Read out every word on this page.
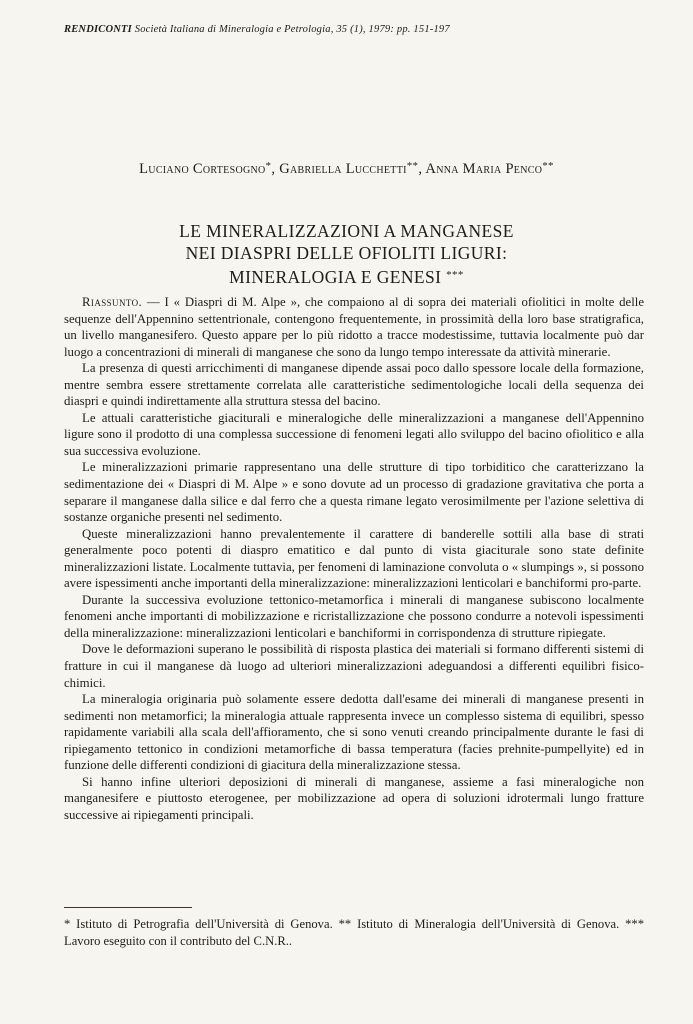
RENDICONTI Società Italiana di Mineralogia e Petrologia, 35 (1), 1979: pp. 151-197
Luciano Cortesogno*, Gabriella Lucchetti**, Anna Maria Penco**
LE MINERALIZZAZIONI A MANGANESE
NEI DIASPRI DELLE OFIOLITI LIGURI:
MINERALOGIA E GENESI ***

Riassunto. — I « Diaspri di M. Alpe », che compaiono al di sopra dei materiali ofiolitici in molte delle sequenze dell'Appennino settentrionale, contengono frequentemente, in prossimità della loro base stratigrafica, un livello manganesifero. Questo appare per lo più ridotto a tracce modestissime, tuttavia localmente può dar luogo a concentrazioni di minerali di manganese che sono da lungo tempo interessate da attività minerarie.

La presenza di questi arricchimenti di manganese dipende assai poco dallo spessore locale della formazione, mentre sembra essere strettamente correlata alle caratteristiche sedimentologiche locali della sequenza dei diaspri e quindi indirettamente alla struttura stessa del bacino.

Le attuali caratteristiche giaciturali e mineralogiche delle mineralizzazioni a manganese dell'Appennino ligure sono il prodotto di una complessa successione di fenomeni legati allo sviluppo del bacino ofiolitico e alla sua successiva evoluzione.

Le mineralizzazioni primarie rappresentano una delle strutture di tipo torbiditico che caratterizzano la sedimentazione dei « Diaspri di M. Alpe » e sono dovute ad un processo di gradazione gravitativa che porta a separare il manganese dalla silice e dal ferro che a questa rimane legato verosimilmente per l'azione selettiva di sostanze organiche presenti nel sedimento.

Queste mineralizzazioni hanno prevalentemente il carattere di banderelle sottili alla base di strati generalmente poco potenti di diaspro ematitico e dal punto di vista giaciturale sono state definite mineralizzazioni listate. Localmente tuttavia, per fenomeni di laminazione convoluta o « slumpings », si possono avere ispessimenti anche importanti della mineralizzazione: mineralizzazioni lenticolari e banchiformi pro-parte.

Durante la successiva evoluzione tettonico-metamorfica i minerali di manganese subiscono localmente fenomeni anche importanti di mobilizzazione e ricristallizzazione che possono condurre a notevoli ispessimenti della mineralizzazione: mineralizzazioni lenticolari e banchiformi in corrispondenza di strutture ripiegate.

Dove le deformazioni superano le possibilità di risposta plastica dei materiali si formano differenti sistemi di fratture in cui il manganese dà luogo ad ulteriori mineralizzazioni adeguandosi a differenti equilibri fisico-chimici.

La mineralogia originaria può solamente essere dedotta dall'esame dei minerali di manganese presenti in sedimenti non metamorfici; la mineralogia attuale rappresenta invece un complesso sistema di equilibri, spesso rapidamente variabili alla scala dell'affioramento, che si sono venuti creando principalmente durante le fasi di ripiegamento tettonico in condizioni metamorfiche di bassa temperatura (facies prehnite-pumpellyite) ed in funzione delle differenti condizioni di giacitura della mineralizzazione stessa.

Si hanno infine ulteriori deposizioni di minerali di manganese, assieme a fasi mineralogiche non manganesifere e piuttosto eterogenee, per mobilizzazione ad opera di soluzioni idrotermali lungo fratture successive ai ripiegamenti principali.

* Istituto di Petrografia dell'Università di Genova. ** Istituto di Mineralogia dell'Università di Genova. *** Lavoro eseguito con il contributo del C.N.R..
